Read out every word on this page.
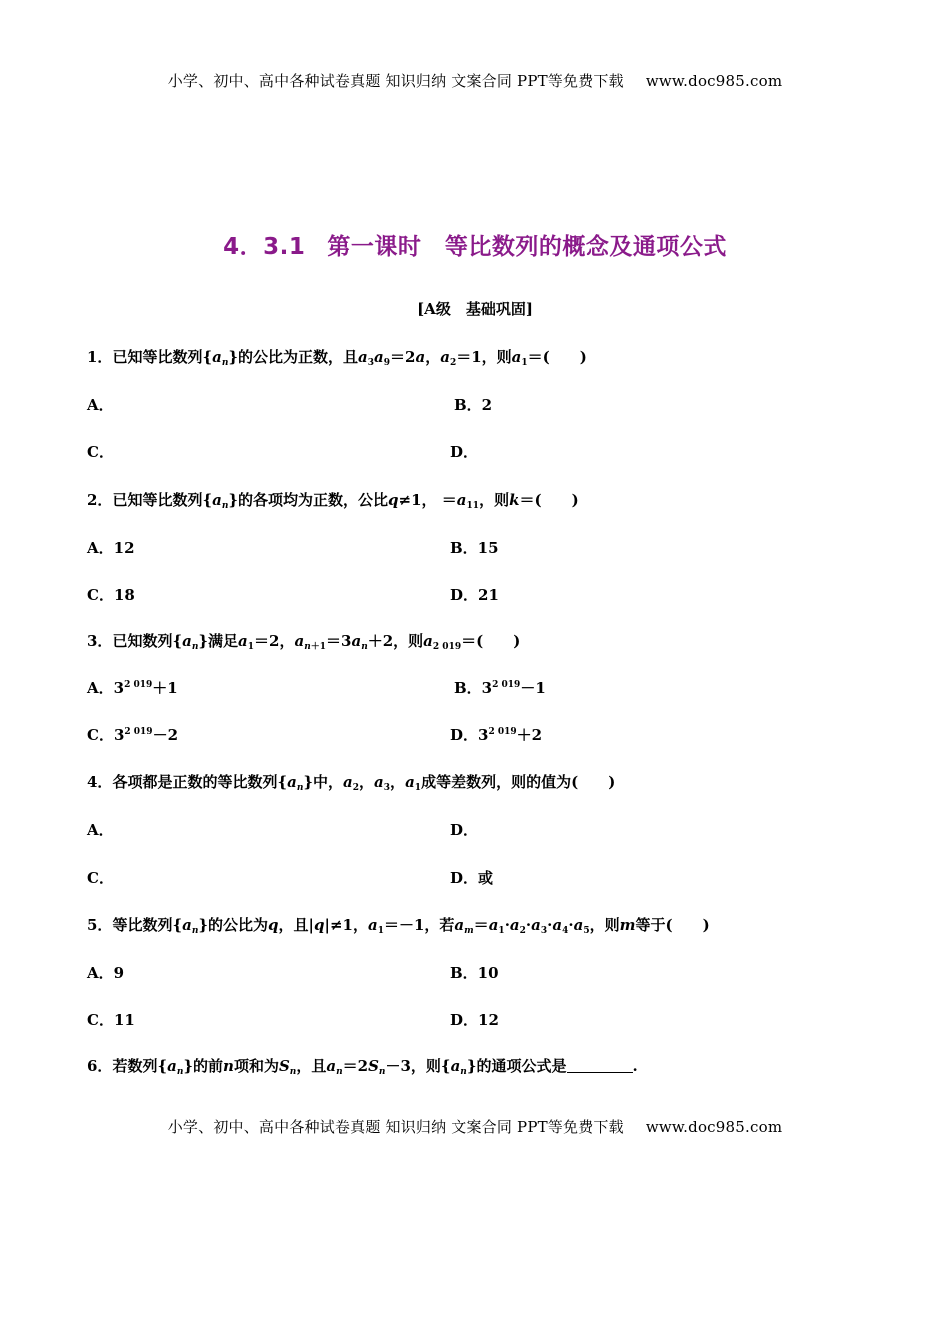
小学、初中、高中各种试卷真题 知识归纳 文案合同 PPT等免费下载 www.doc985.com
4．3.1 第一课时　等比数列的概念及通项公式
[A级　基础巩固]
1．已知等比数列$\{a_n\}$的公比为正数，且$a_3a_9=2a$，$a_2=1$，则$a_1=$(　　)
A．	B．2
C．	D．
2．已知等比数列$\{a_n\}$的各项均为正数，公比q≠1， $=a_{11}$，则k＝(　　)
A．12	B．15
C．18	D．21
3．已知数列$\{a_n\}$满足$a_1=2$，$a_{n+1}=3a_n+2$，则$a_{2 019}=$(　　)
A．$3^{2 019}+1$	B．$3^{2 019}-1$
C．$3^{2 019}-2$	D．$3^{2 019}+2$
4．各项都是正数的等比数列$\{a_n\}$中，$a_2$，$a_3$，$a_1$成等差数列，则的值为(　　)
A．	D．
C．	D．或
5．等比数列$\{a_n\}$的公比为q，且|q|≠1，$a_1=-1$，若$a_m=a_1\cdot a_2\cdot a_3\cdot a_4\cdot a_5$，则m等于(　　)
A．9	B．10
C．11	D．12
6．若数列$\{a_n\}$的前n项和为$S_n$，且$a_n=2S_n-3$，则$\{a_n\}$的通项公式是	.
小学、初中、高中各种试卷真题 知识归纳 文案合同 PPT等免费下载 www.doc985.com
